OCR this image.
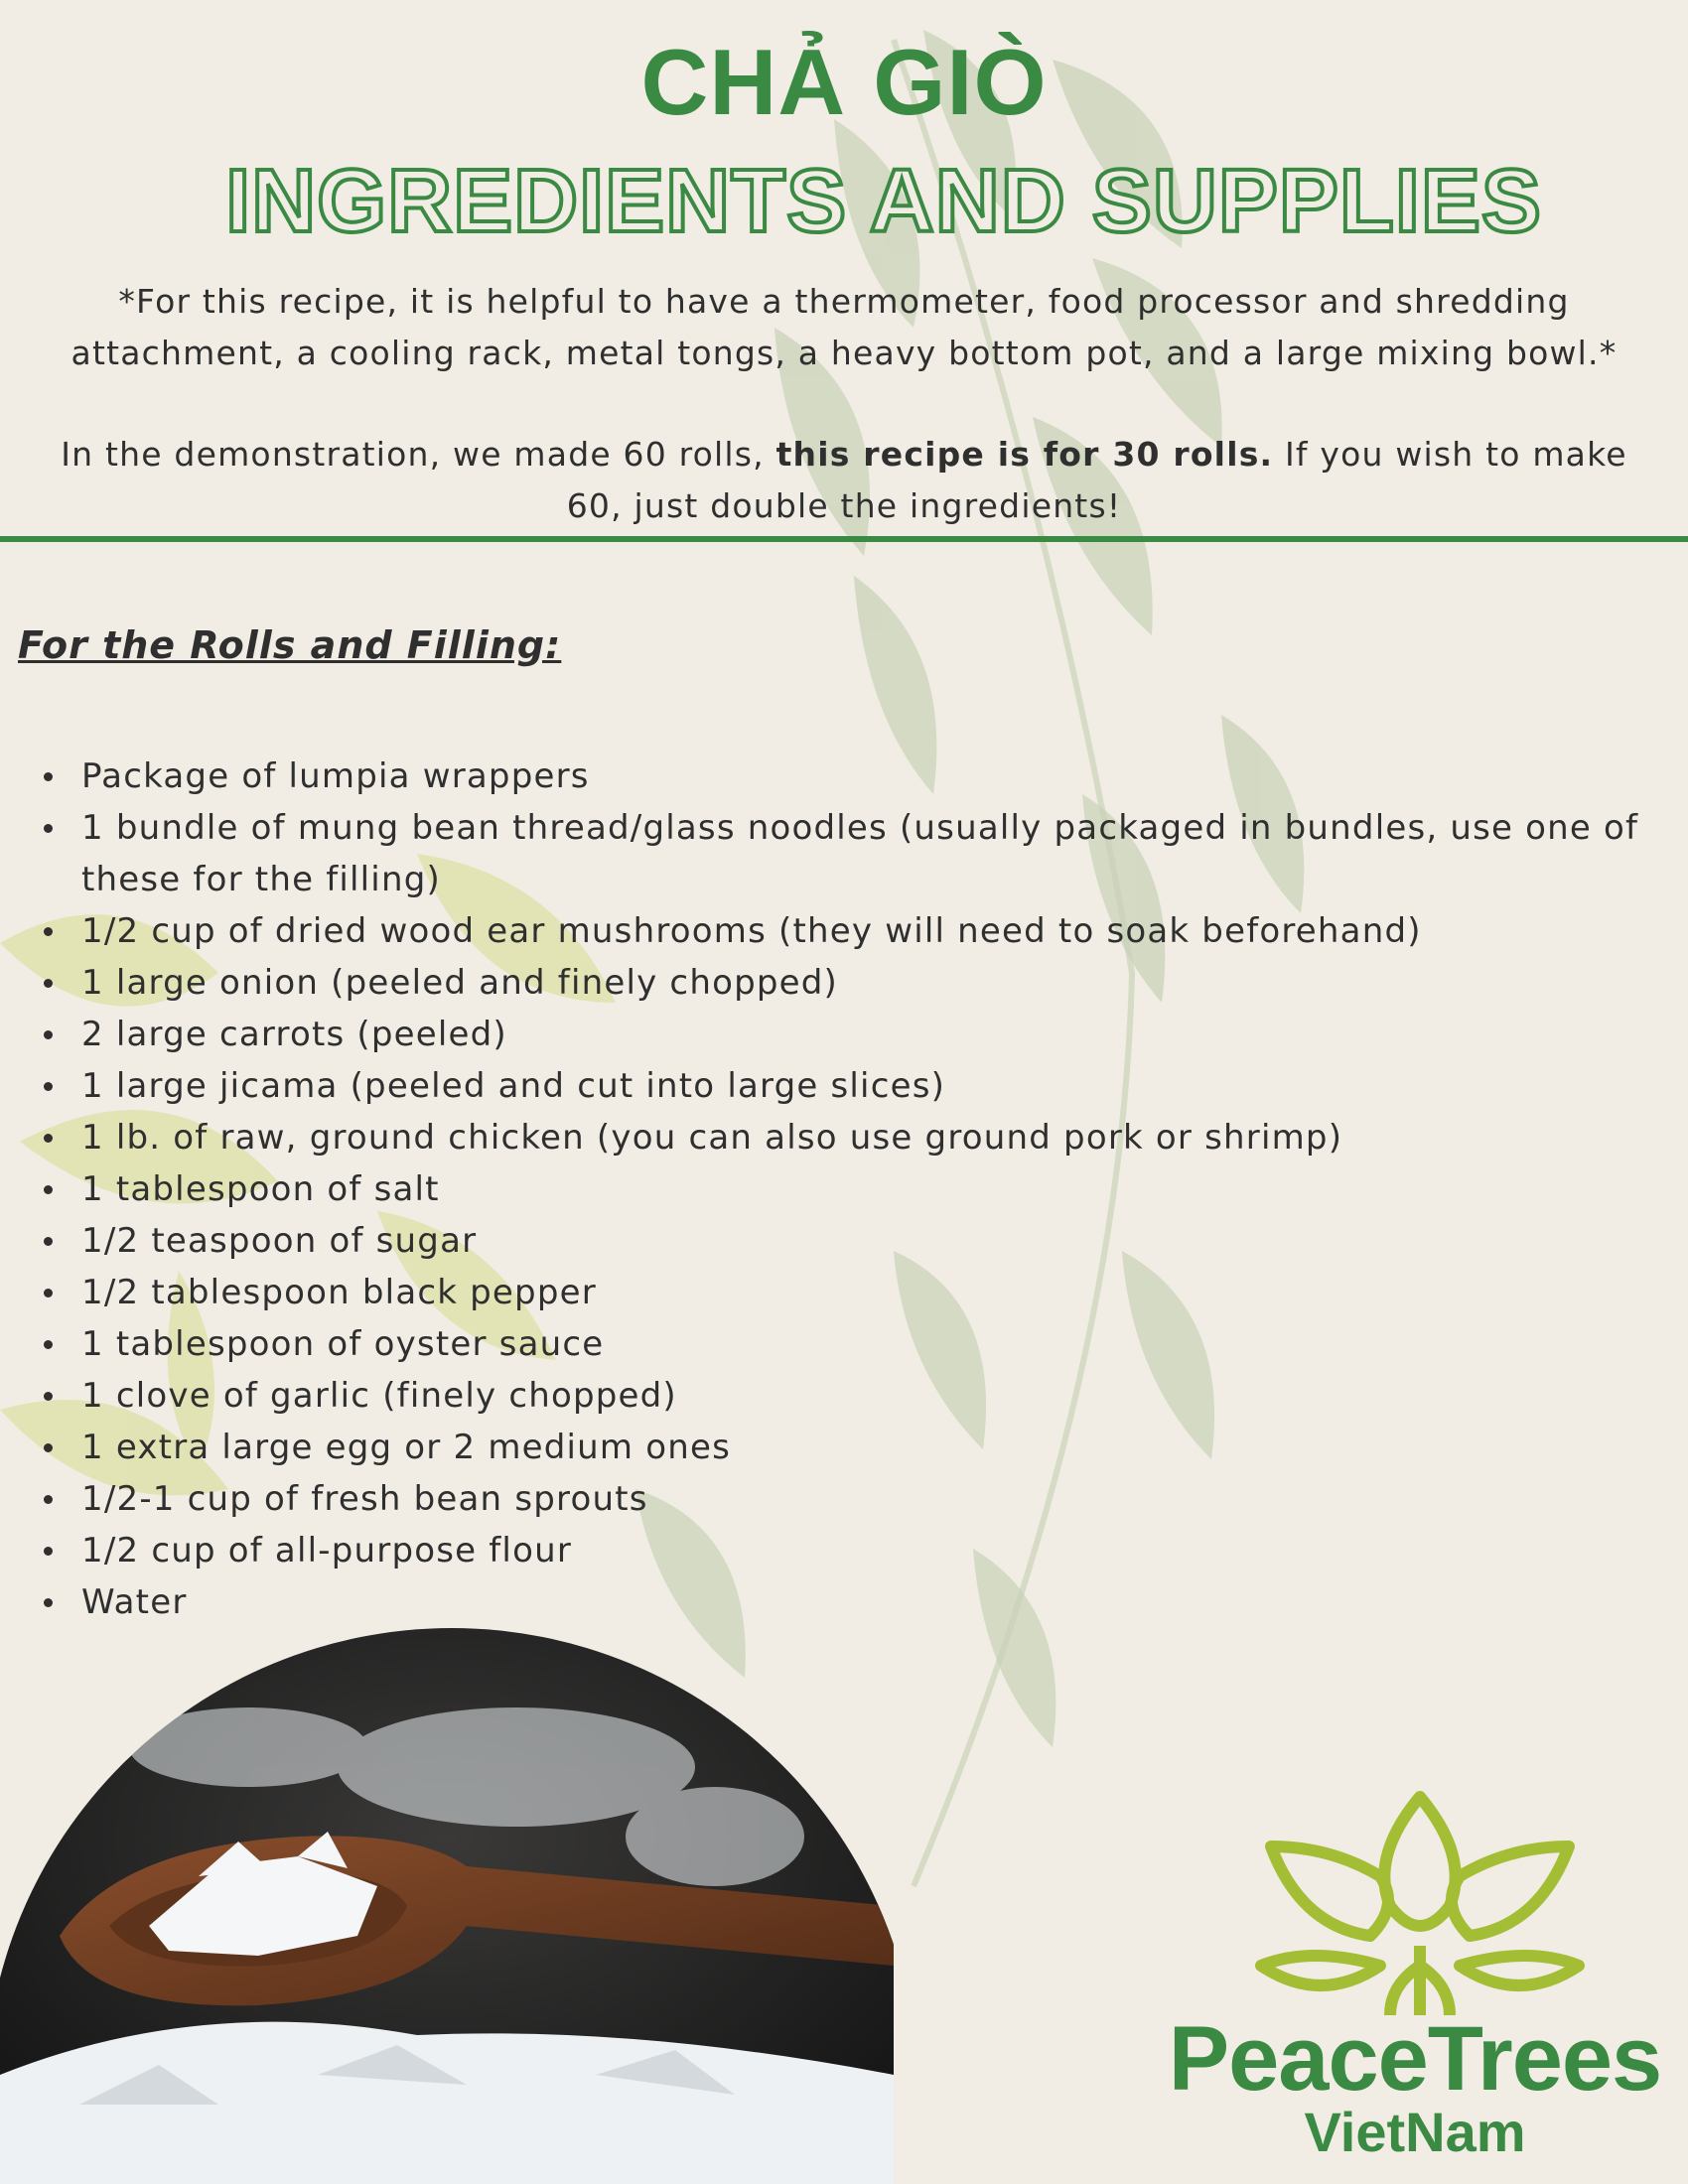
CHẢ GIÒ
INGREDIENTS AND SUPPLIES
*For this recipe, it is helpful to have a thermometer, food processor and shredding attachment, a cooling rack, metal tongs, a heavy bottom pot, and a large mixing bowl.*
In the demonstration, we made 60 rolls, this recipe is for 30 rolls. If you wish to make 60, just double the ingredients!
For the Rolls and Filling:
Package of lumpia wrappers
1 bundle of mung bean thread/glass noodles (usually packaged in bundles, use one of these for the filling)
1/2 cup of dried wood ear mushrooms (they will need to soak beforehand)
1 large onion (peeled and finely chopped)
2 large carrots (peeled)
1 large jicama (peeled and cut into large slices)
1 lb. of raw, ground chicken (you can also use ground pork or shrimp)
1 tablespoon of salt
1/2 teaspoon of sugar
1/2 tablespoon black pepper
1 tablespoon of oyster sauce
1 clove of garlic (finely chopped)
1 extra large egg or 2 medium ones
1/2-1 cup of fresh bean sprouts
1/2 cup of all-purpose flour
Water
PeaceTrees
VietNam
